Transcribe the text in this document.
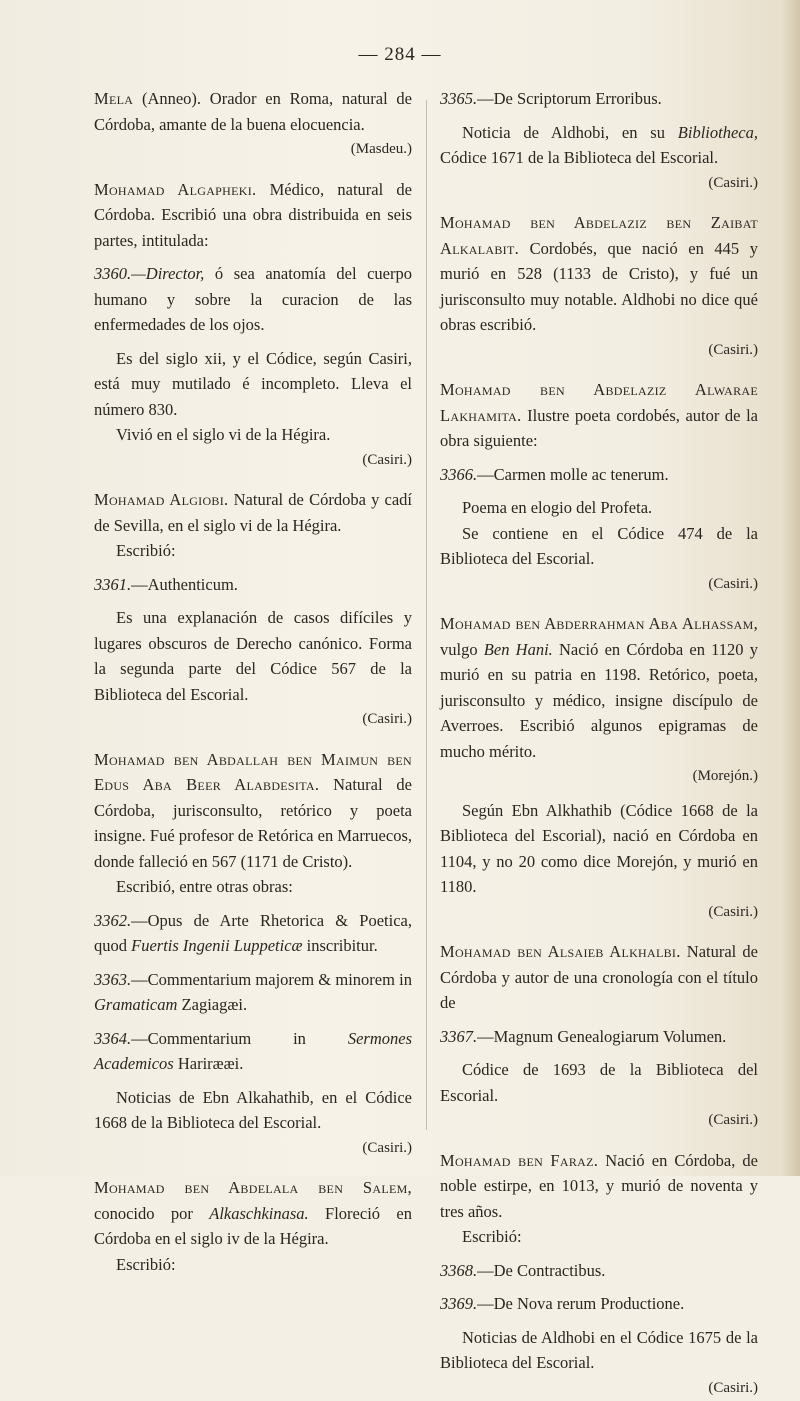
— 284 —

Mela (Anneo). Orador en Roma, natural de Córdoba, amante de la buena elocuencia.

(Masdeu.)

Mohamad Algapheki. Médico, natural de Córdoba. Escribió una obra distribuida en seis partes, intitulada:

3360.—Director, ó sea anatomía del cuerpo humano y sobre la curacion de las enfermedades de los ojos.

Es del siglo xii, y el Códice, según Casiri, está muy mutilado é incompleto. Lleva el número 830.

Vivió en el siglo vi de la Hégira.

(Casiri.)

Mohamad Algiobi. Natural de Córdoba y cadí de Sevilla, en el siglo vi de la Hégira.

Escribió:

3361.—Authenticum.

Es una explanación de casos difíciles y lugares obscuros de Derecho canónico. Forma la segunda parte del Códice 567 de la Biblioteca del Escorial.

(Casiri.)

Mohamad ben Abdallah ben Maimun ben Edus Aba Beer Alabdesita. Natural de Córdoba, jurisconsulto, retórico y poeta insigne. Fué profesor de Retórica en Marruecos, donde falleció en 567 (1171 de Cristo).

Escribió, entre otras obras:

3362.—Opus de Arte Rhetorica & Poetica, quod Fuertis Ingenii Luppeticæ inscribitur.

3363.—Commentarium majorem & minorem in Gramaticam Zagiagæi.

3364.—Commentarium in Sermones Academicos Harirææi.

Noticias de Ebn Alkahathib, en el Códice 1668 de la Biblioteca del Escorial.

(Casiri.)

Mohamad ben Abdelala ben Salem, conocido por Alkaschkinasa. Floreció en Córdoba en el siglo iv de la Hégira.

Escribió:

3365.—De Scriptorum Erroribus.

Noticia de Aldhobi, en su Bibliotheca, Códice 1671 de la Biblioteca del Escorial.

(Casiri.)

Mohamad ben Abdelaziz ben Zaibat Alkalabit. Cordobés, que nació en 445 y murió en 528 (1133 de Cristo), y fué un jurisconsulto muy notable. Aldhobi no dice qué obras escribió.

(Casiri.)

Mohamad ben Abdelaziz Alwarae Lakhamita. Ilustre poeta cordobés, autor de la obra siguiente:

3366.—Carmen molle ac tenerum.

Poema en elogio del Profeta.

Se contiene en el Códice 474 de la Biblioteca del Escorial.

(Casiri.)

Mohamad ben Abderrahman Aba Alhassam, vulgo Ben Hani. Nació en Córdoba en 1120 y murió en su patria en 1198. Retórico, poeta, jurisconsulto y médico, insigne discípulo de Averroes. Escribió algunos epigramas de mucho mérito.

(Morejón.)

Según Ebn Alkhathib (Códice 1668 de la Biblioteca del Escorial), nació en Córdoba en 1104, y no 20 como dice Morejón, y murió en 1180.

(Casiri.)

Mohamad ben Alsaieb Alkhalbi. Natural de Córdoba y autor de una cronología con el título de

3367.—Magnum Genealogiarum Volumen.

Códice de 1693 de la Biblioteca del Escorial.

(Casiri.)

Mohamad ben Faraz. Nació en Córdoba, de noble estirpe, en 1013, y murió de noventa y tres años.

Escribió:

3368.—De Contractibus.

3369.—De Nova rerum Productione.

Noticias de Aldhobi en el Códice 1675 de la Biblioteca del Escorial.

(Casiri.)
